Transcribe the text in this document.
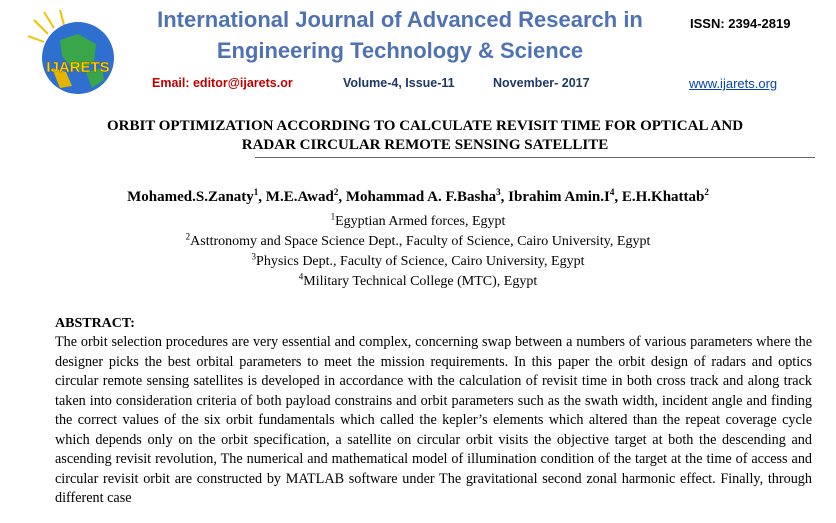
IJARETS
International Journal of Advanced Research in
Engineering Technology & Science
ISSN: 2394-2819
Email: editor@ijarets.or	Volume-4, Issue-11	November- 2017	www.ijarets.org
ORBIT OPTIMIZATION ACCORDING TO CALCULATE REVISIT TIME FOR OPTICAL AND
RADAR CIRCULAR REMOTE SENSING SATELLITE
Mohamed.S.Zanaty$^1$, M.E.Awad$^2$, Mohammad A. F.Basha$^3$, Ibrahim $Amin.I^4$, E.H.Khattab$^2$
$^1$Egyptian Armed forces, Egypt
$^2$Asttronomy and Space Science Dept., Faculty of Science, Cairo University, Egypt
$^3$Physics Dept., Faculty of Science, Cairo University, Egypt
$^4$Military Technical College (MTC), Egypt
ABSTRACT:

The orbit selection procedures are very essential and complex, concerning swap between a numbers of various parameters where the designer picks the best orbital parameters to meet the mission requirements. In this paper the orbit design of radars and optics circular remote sensing satellites is developed in accordance with the calculation of revisit time in both cross track and along track taken into consideration criteria of both payload constrains and orbit parameters such as the swath width, incident angle and finding the correct values of the six orbit fundamentals which called the kepler’s elements which altered than the repeat coverage cycle which depends only on the orbit specification, a satellite on circular orbit visits the objective target at both the descending and ascending revisit revolution, The numerical and mathematical model of illumination condition of the target at the time of access and circular revisit orbit are constructed by MATLAB software under The gravitational second zonal harmonic effect. Finally, through different case
